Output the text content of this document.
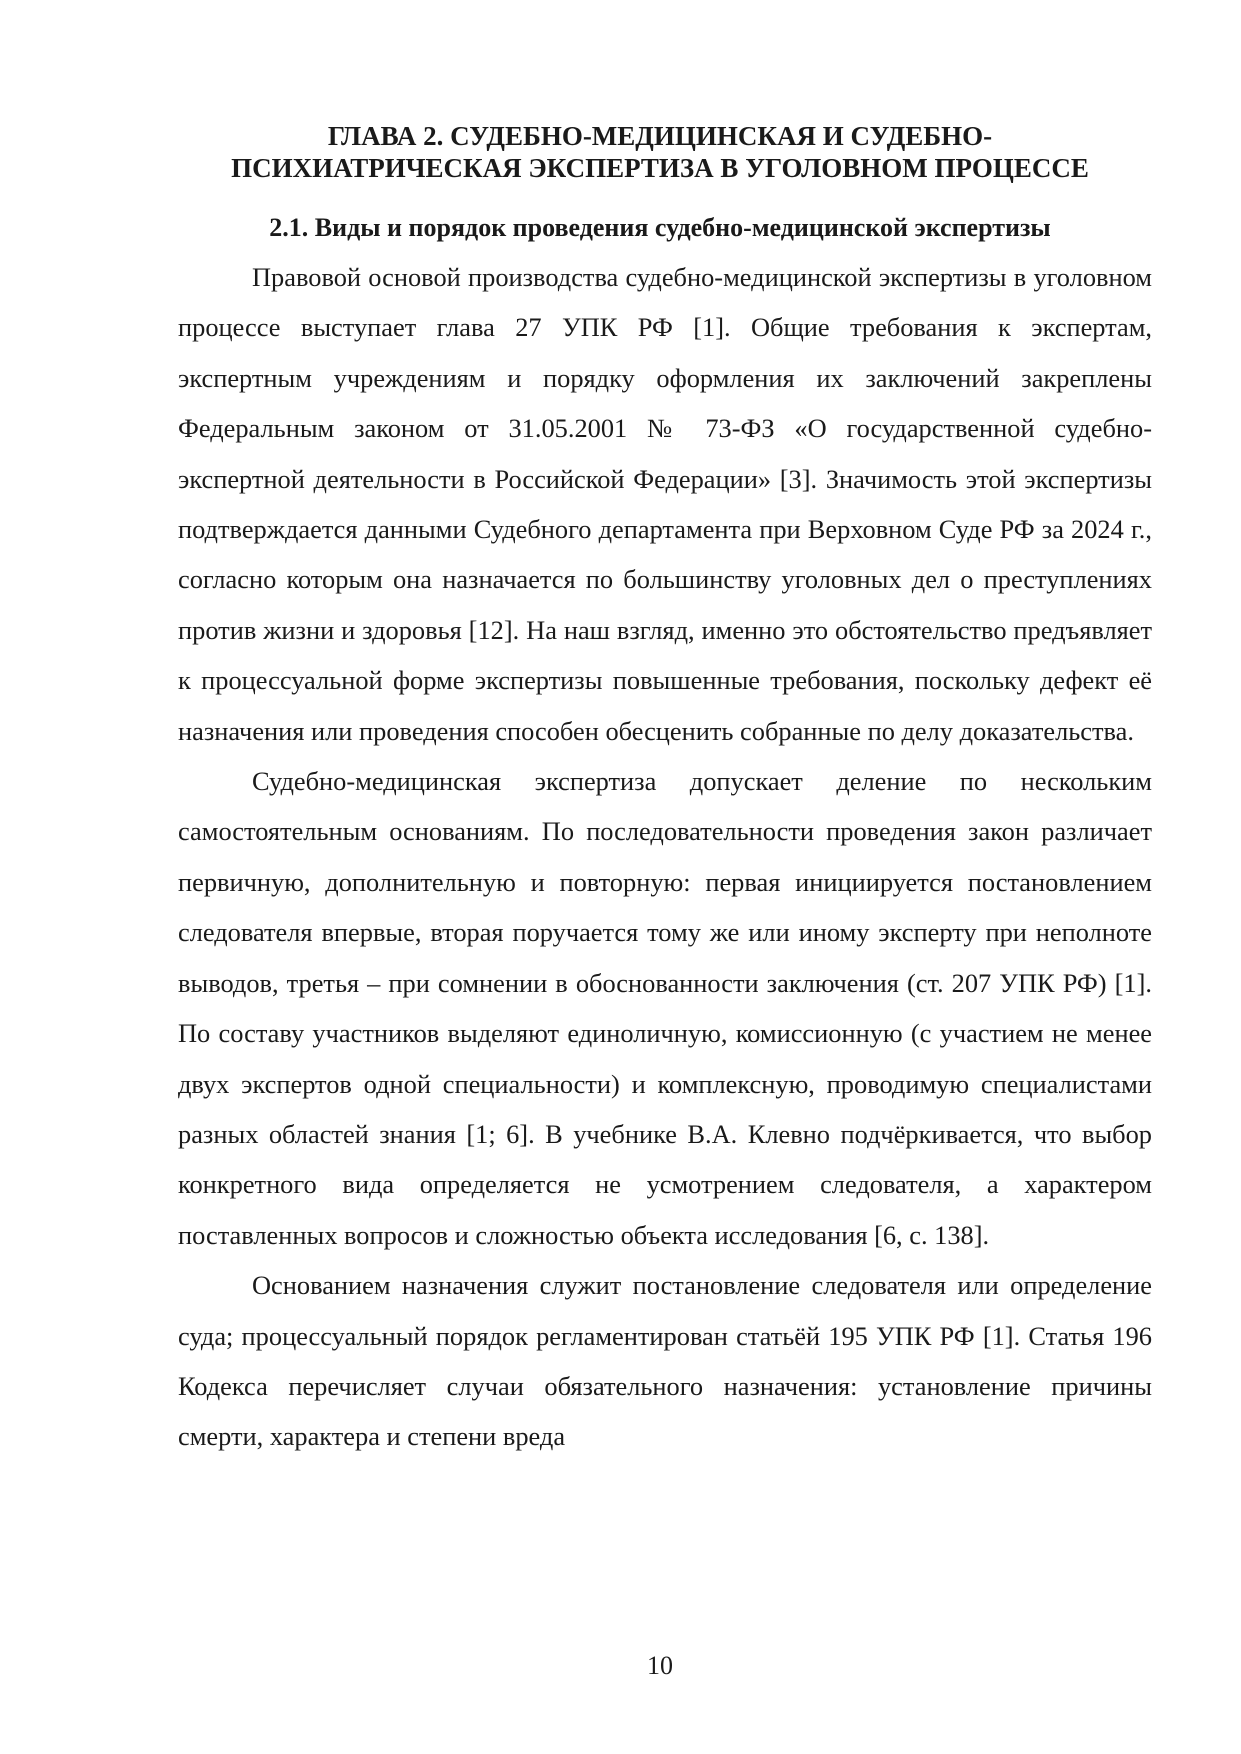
ГЛАВА 2. СУДЕБНО-МЕДИЦИНСКАЯ И СУДЕБНО-
ПСИХИАТРИЧЕСКАЯ ЭКСПЕРТИЗА В УГОЛОВНОМ ПРОЦЕССЕ
2.1. Виды и порядок проведения судебно-медицинской экспертизы

Правовой основой производства судебно-медицинской экспертизы в уголовном процессе выступает глава 27 УПК РФ [1]. Общие требования к экспертам, экспертным учреждениям и порядку оформления их заключений закреплены Федеральным законом от 31.05.2001 № 73-ФЗ «О государственной судебно-экспертной деятельности в Российской Федерации» [3]. Значимость этой экспертизы подтверждается данными Судебного департамента при Верховном Суде РФ за 2024 г., согласно которым она назначается по большинству уголовных дел о преступлениях против жизни и здоровья [12]. На наш взгляд, именно это обстоятельство предъявляет к процессуальной форме экспертизы повышенные требования, поскольку дефект её назначения или проведения способен обесценить собранные по делу доказательства.

Судебно-медицинская экспертиза допускает деление по нескольким самостоятельным основаниям. По последовательности проведения закон различает первичную, дополнительную и повторную: первая инициируется постановлением следователя впервые, вторая поручается тому же или иному эксперту при неполноте выводов, третья – при сомнении в обоснованности заключения (ст. 207 УПК РФ) [1]. По составу участников выделяют единоличную, комиссионную (с участием не менее двух экспертов одной специальности) и комплексную, проводимую специалистами разных областей знания [1; 6]. В учебнике В.А. Клевно подчёркивается, что выбор конкретного вида определяется не усмотрением следователя, а характером поставленных вопросов и сложностью объекта исследования [6, с. 138].

Основанием назначения служит постановление следователя или определение суда; процессуальный порядок регламентирован статьёй 195 УПК РФ [1]. Статья 196 Кодекса перечисляет случаи обязательного назначения: установление причины смерти, характера и степени вреда

10
